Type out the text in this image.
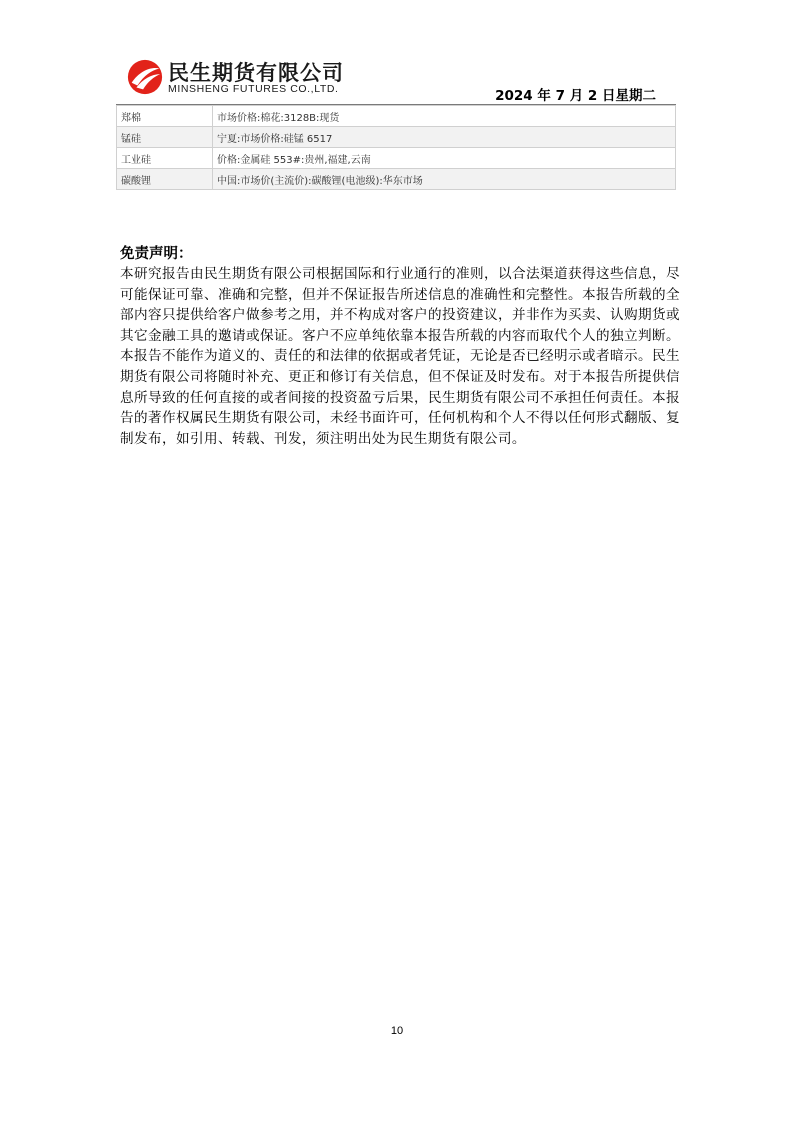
民生期货有限公司
MINSHENG FUTURES CO.,LTD.	2024 年 7 月 2 日星期二
郑棉	市场价格:棉花:3128B:现货
锰硅	宁夏:市场价格:硅锰 6517
工业硅	价格:金属硅 553#:贵州,福建,云南
碳酸锂	中国:市场价(主流价):碳酸锂(电池级):华东市场
免责声明：

本研究报告由民生期货有限公司根据国际和行业通行的准则，以合法渠道获得这些信息，尽可能保证可靠、准确和完整，但并不保证报告所述信息的准确性和完整性。本报告所载的全部内容只提供给客户做参考之用，并不构成对客户的投资建议，并非作为买卖、认购期货或其它金融工具的邀请或保证。客户不应单纯依靠本报告所载的内容而取代个人的独立判断。本报告不能作为道义的、责任的和法律的依据或者凭证，无论是否已经明示或者暗示。民生期货有限公司将随时补充、更正和修订有关信息，但不保证及时发布。对于本报告所提供信息所导致的任何直接的或者间接的投资盈亏后果，民生期货有限公司不承担任何责任。本报告的著作权属民生期货有限公司，未经书面许可，任何机构和个人不得以任何形式翻版、复制发布，如引用、转载、刊发，须注明出处为民生期货有限公司。

10
